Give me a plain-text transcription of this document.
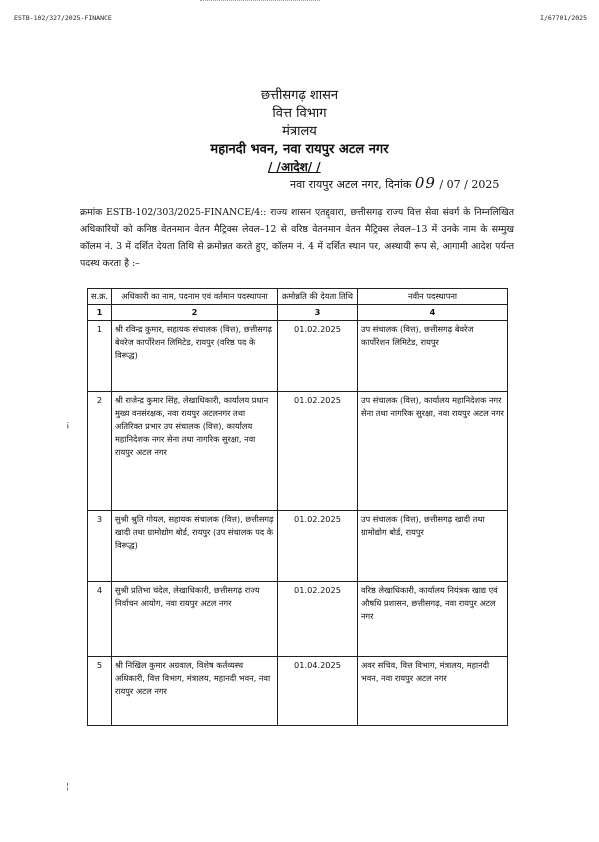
ESTB-102/327/2025-FINANCE	I/67701/2025
छत्तीसगढ़ शासन
वित्त विभाग
मंत्रालय
महानदी भवन, नवा रायपुर अटल नगर
/ /आदेश/ /
नवा रायपुर अटल नगर, दिनांक 09 / 07 / 2025
क्रमांक ESTB-102/303/2025-FINANCE/4:: राज्य शासन एतद्द्वारा, छत्तीसगढ़ राज्य वित्त सेवा संवर्ग के निम्नलिखित अधिकारियों को कनिष्ठ वेतनमान वेतन मैट्रिक्स लेवल–12 से वरिष्ठ वेतनमान वेतन मैट्रिक्स लेवल–13 में उनके नाम के सम्मुख कॉलम नं. 3 में दर्शित देयता तिथि से क्रमोन्नत करते हुए, कॉलम नं. 4 में दर्शित स्थान पर, अस्थायी रूप से, आगामी आदेश पर्यन्त पदस्थ करता है :–
¡
¦
स.क्र.	अधिकारी का नाम, पदनाम एवं वर्तमान पदस्थापना	क्रमोन्नति की देयता तिथि	नवीन पदस्थापना
1	2	3	4
1	श्री रविन्द्र कुमार, सहायक संचालक (वित्त), छत्तीसगढ़ बेवरेज कार्पोरेशन लिमिटेड, रायपुर (वरिष्ठ पद के विरूद्ध)	01.02.2025	उप संचालक (वित्त), छत्तीसगढ़ बेवरेज कार्पोरेशन लिमिटेड, रायपुर
2	श्री राजेन्द्र कुमार सिंह, लेखाधिकारी, कार्यालय प्रधान मुख्य वनसंरक्षक, नवा रायपुर अटलनगर तथा अतिरिक्त प्रभार उप संचालक (वित्त), कार्यालय महानिदेशक नगर सेना तथा नागरिक सुरक्षा, नवा रायपुर अटल नगर	01.02.2025	उप संचालक (वित्त), कार्यालय महानिदेशक नगर सेना तथा नागरिक सुरक्षा, नवा रायपुर अटल नगर
3	सुश्री श्रुति गोयल, सहायक संचालक (वित्त), छत्तीसगढ़ खादी तथा ग्रामोद्योग बोर्ड, रायपुर (उप संचालक पद के विरूद्ध)	01.02.2025	उप संचालक (वित्त), छत्तीसगढ़ खादी तथा ग्रामोद्योग बोर्ड, रायपुर
4	सुश्री प्रतिभा चंदेल, लेखाधिकारी, छत्तीसगढ़ राज्य निर्वाचन आयोग, नवा रायपुर अटल नगर	01.02.2025	वरिष्ठ लेखाधिकारी, कार्यालय नियंत्रक खाद्य एवं औषधि प्रशासन, छत्तीसगढ़, नवा रायपुर अटल नगर
5	श्री निखिल कुमार अग्रवाल, विशेष कर्तव्यस्थ अधिकारी, वित्त विभाग, मंत्रालय, महानदी भवन, नवा रायपुर अटल नगर	01.04.2025	अवर सचिव, वित्त विभाग, मंत्रालय, महानदी भवन, नवा रायपुर अटल नगर
